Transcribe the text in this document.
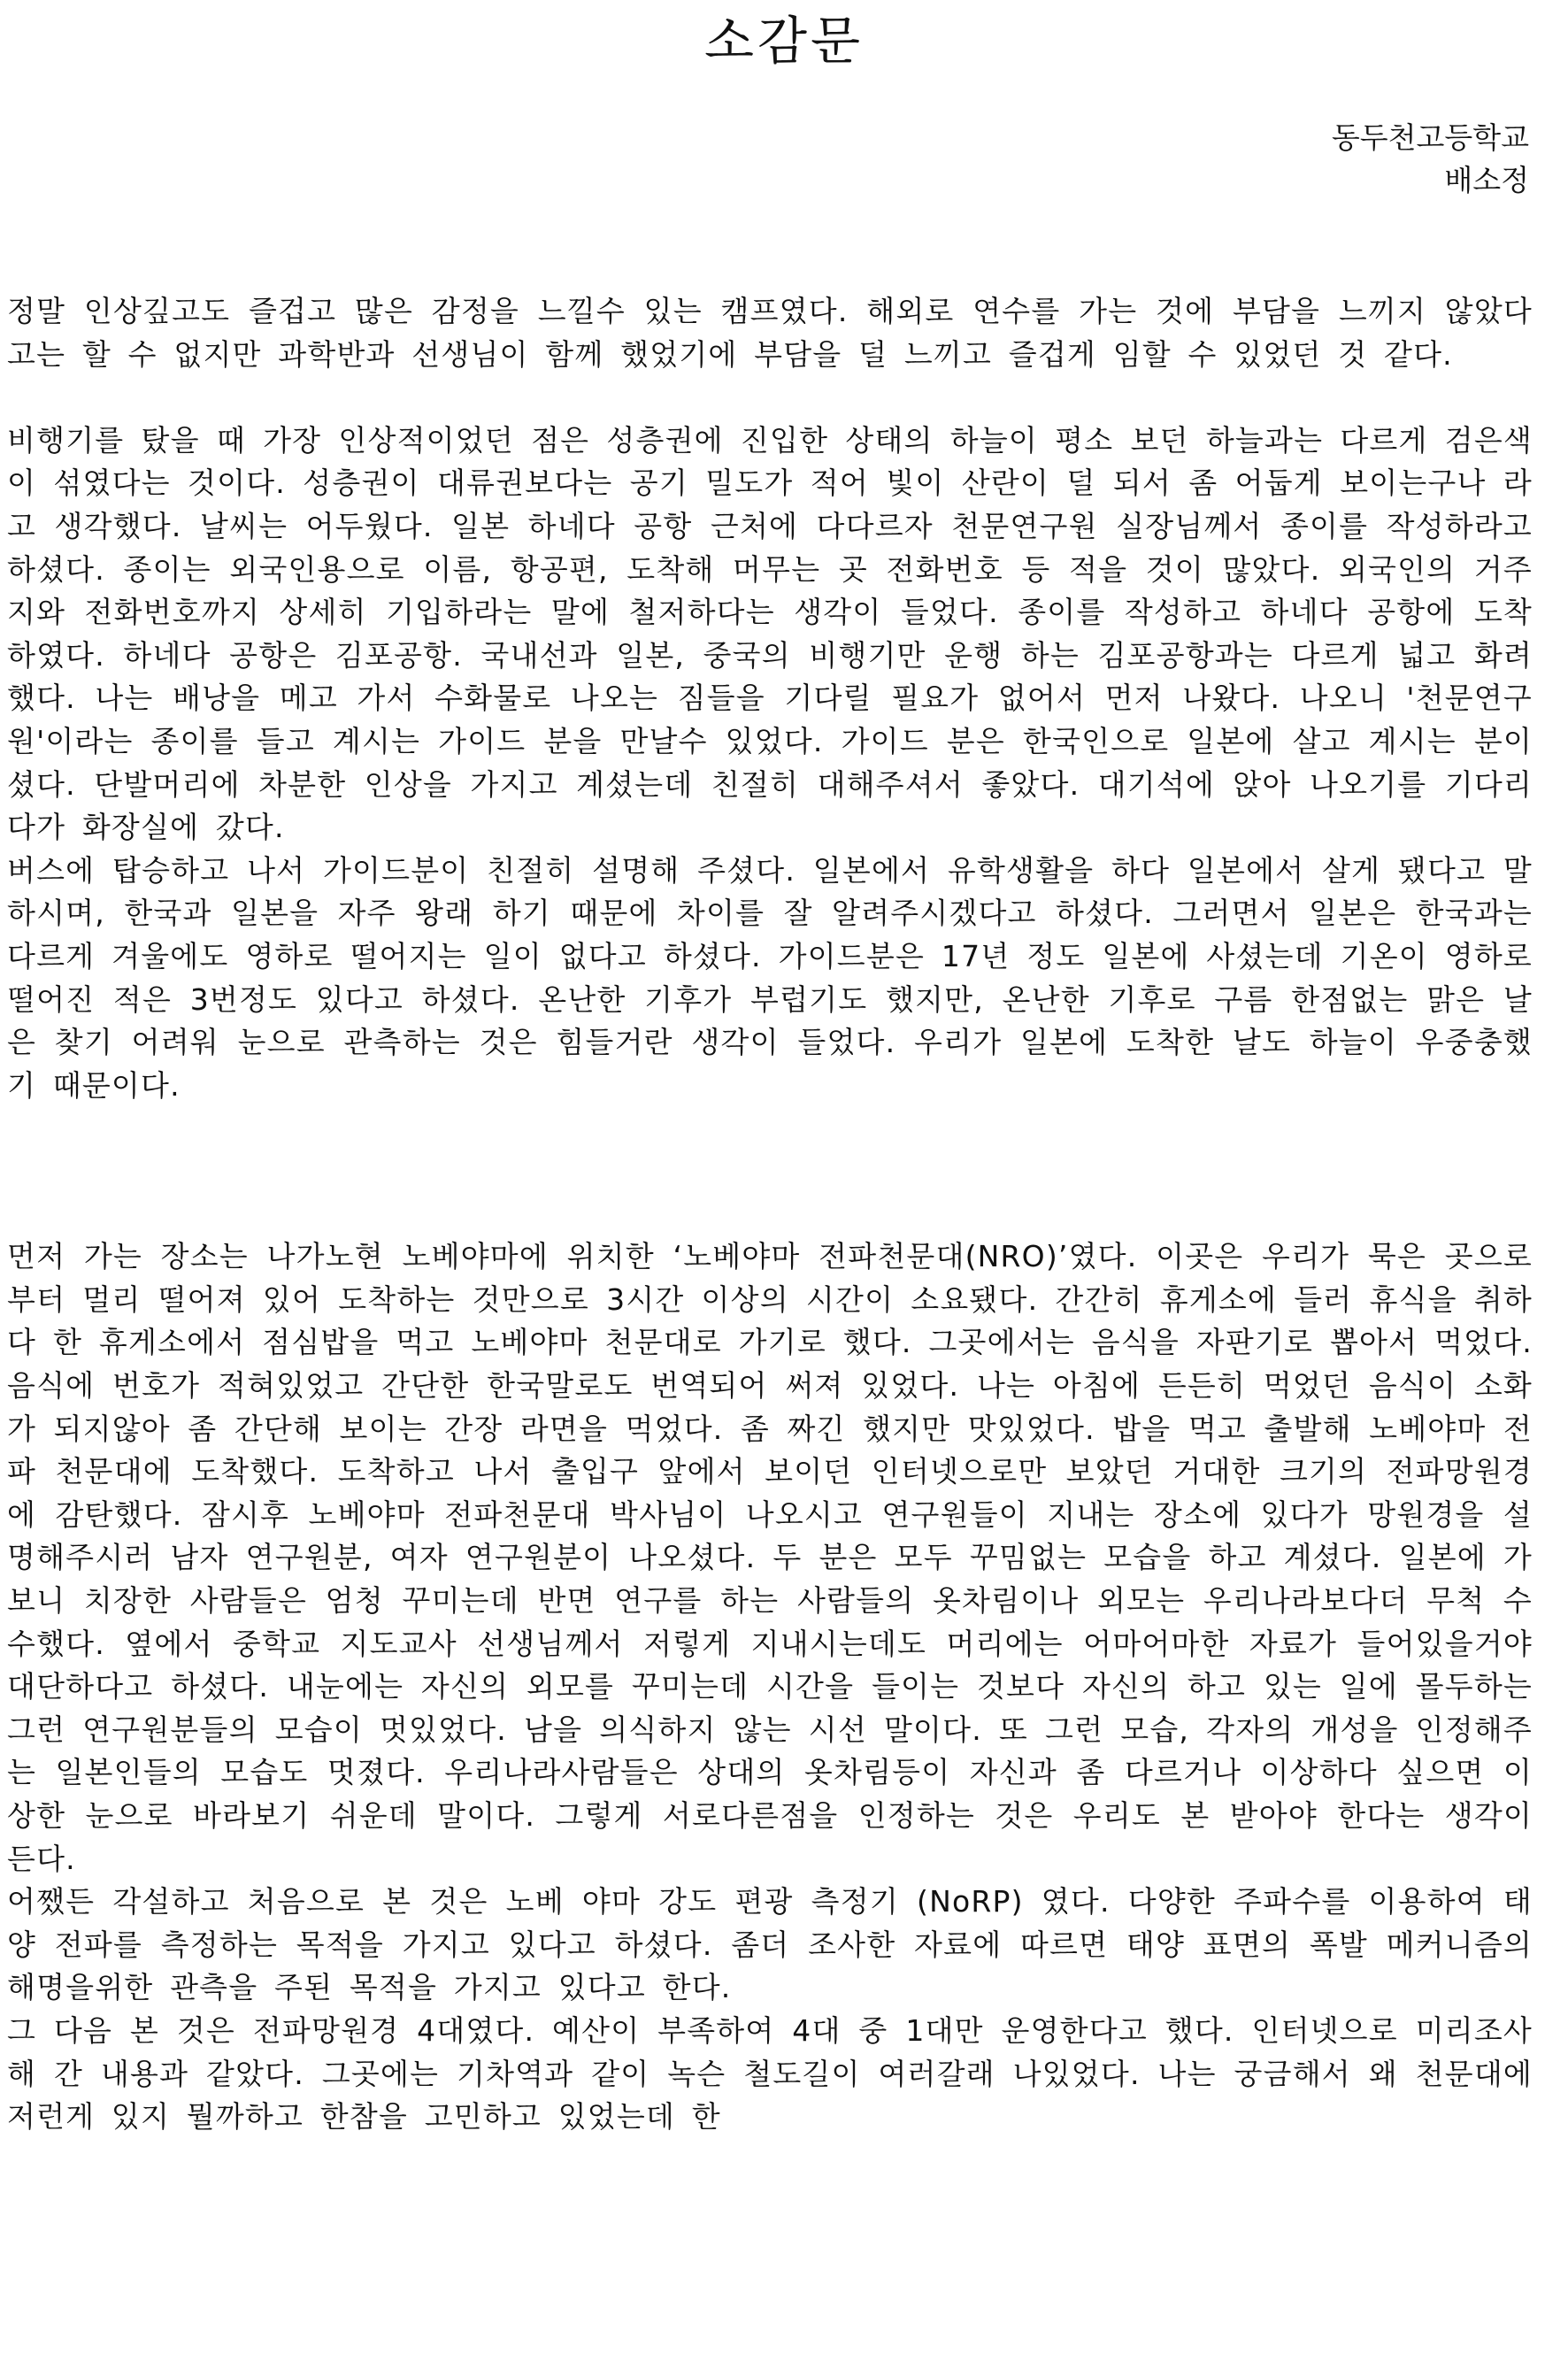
소감문
동두천고등학교
배소정

정말 인상깊고도 즐겁고 많은 감정을 느낄수 있는 캠프였다. 해외로 연수를 가는 것에 부담을 느끼지 않았다고는 할 수 없지만 과학반과 선생님이 함께 했었기에 부담을 덜 느끼고 즐겁게 임할 수 있었던 것 같다.

비행기를 탔을 때 가장 인상적이었던 점은 성층권에 진입한 상태의 하늘이 평소 보던 하늘과는 다르게 검은색이 섞였다는 것이다. 성층권이 대류권보다는 공기 밀도가 적어 빛이 산란이 덜 되서 좀 어둡게 보이는구나 라고 생각했다. 날씨는 어두웠다. 일본 하네다 공항 근처에 다다르자 천문연구원 실장님께서 종이를 작성하라고 하셨다. 종이는 외국인용으로 이름, 항공편, 도착해 머무는 곳 전화번호 등 적을 것이 많았다. 외국인의 거주지와 전화번호까지 상세히 기입하라는 말에 철저하다는 생각이 들었다. 종이를 작성하고 하네다 공항에 도착하였다. 하네다 공항은 김포공항. 국내선과 일본, 중국의 비행기만 운행 하는 김포공항과는 다르게 넓고 화려했다. 나는 배낭을 메고 가서 수화물로 나오는 짐들을 기다릴 필요가 없어서 먼저 나왔다. 나오니 '천문연구원'이라는 종이를 들고 계시는 가이드 분을 만날수 있었다. 가이드 분은 한국인으로 일본에 살고 계시는 분이셨다. 단발머리에 차분한 인상을 가지고 계셨는데 친절히 대해주셔서 좋았다. 대기석에 앉아 나오기를 기다리다가 화장실에 갔다.

버스에 탑승하고 나서 가이드분이 친절히 설명해 주셨다. 일본에서 유학생활을 하다 일본에서 살게 됐다고 말하시며, 한국과 일본을 자주 왕래 하기 때문에 차이를 잘 알려주시겠다고 하셨다. 그러면서 일본은 한국과는 다르게 겨울에도 영하로 떨어지는 일이 없다고 하셨다. 가이드분은 17년 정도 일본에 사셨는데 기온이 영하로 떨어진 적은 3번정도 있다고 하셨다. 온난한 기후가 부럽기도 했지만, 온난한 기후로 구름 한점없는 맑은 날은 찾기 어려워 눈으로 관측하는 것은 힘들거란 생각이 들었다. 우리가 일본에 도착한 날도 하늘이 우중충했기 때문이다.

먼저 가는 장소는 나가노현 노베야마에 위치한 ‘노베야마 전파천문대(NRO)’였다. 이곳은 우리가 묵은 곳으로부터 멀리 떨어져 있어 도착하는 것만으로 3시간 이상의 시간이 소요됐다. 간간히 휴게소에 들러 휴식을 취하다 한 휴게소에서 점심밥을 먹고 노베야마 천문대로 가기로 했다. 그곳에서는 음식을 자판기로 뽑아서 먹었다. 음식에 번호가 적혀있었고 간단한 한국말로도 번역되어 써져 있었다. 나는 아침에 든든히 먹었던 음식이 소화가 되지않아 좀 간단해 보이는 간장 라면을 먹었다. 좀 짜긴 했지만 맛있었다. 밥을 먹고 출발해 노베야마 전파 천문대에 도착했다. 도착하고 나서 출입구 앞에서 보이던 인터넷으로만 보았던 거대한 크기의 전파망원경에 감탄했다. 잠시후 노베야마 전파천문대 박사님이 나오시고 연구원들이 지내는 장소에 있다가 망원경을 설명해주시러 남자 연구원분, 여자 연구원분이 나오셨다. 두 분은 모두 꾸밈없는 모습을 하고 계셨다. 일본에 가보니 치장한 사람들은 엄청 꾸미는데 반면 연구를 하는 사람들의 옷차림이나 외모는 우리나라보다더 무척 수수했다. 옆에서 중학교 지도교사 선생님께서 저렇게 지내시는데도 머리에는 어마어마한 자료가 들어있을거야 대단하다고 하셨다. 내눈에는 자신의 외모를 꾸미는데 시간을 들이는 것보다 자신의 하고 있는 일에 몰두하는 그런 연구원분들의 모습이 멋있었다. 남을 의식하지 않는 시선 말이다. 또 그런 모습, 각자의 개성을 인정해주는 일본인들의 모습도 멋졌다. 우리나라사람들은 상대의 옷차림등이 자신과 좀 다르거나 이상하다 싶으면 이상한 눈으로 바라보기 쉬운데 말이다. 그렇게 서로다른점을 인정하는 것은 우리도 본 받아야 한다는 생각이 든다.

어쨌든 각설하고 처음으로 본 것은 노베 야마 강도 편광 측정기 (NoRP) 였다. 다양한 주파수를 이용하여 태양 전파를 측정하는 목적을 가지고 있다고 하셨다. 좀더 조사한 자료에 따르면 태양 표면의 폭발 메커니즘의 해명을위한 관측을 주된 목적을 가지고 있다고 한다.

그 다음 본 것은 전파망원경 4대였다. 예산이 부족하여 4대 중 1대만 운영한다고 했다. 인터넷으로 미리조사해 간 내용과 같았다. 그곳에는 기차역과 같이 녹슨 철도길이 여러갈래 나있었다. 나는 궁금해서 왜 천문대에 저런게 있지 뭘까하고 한참을 고민하고 있었는데 한
